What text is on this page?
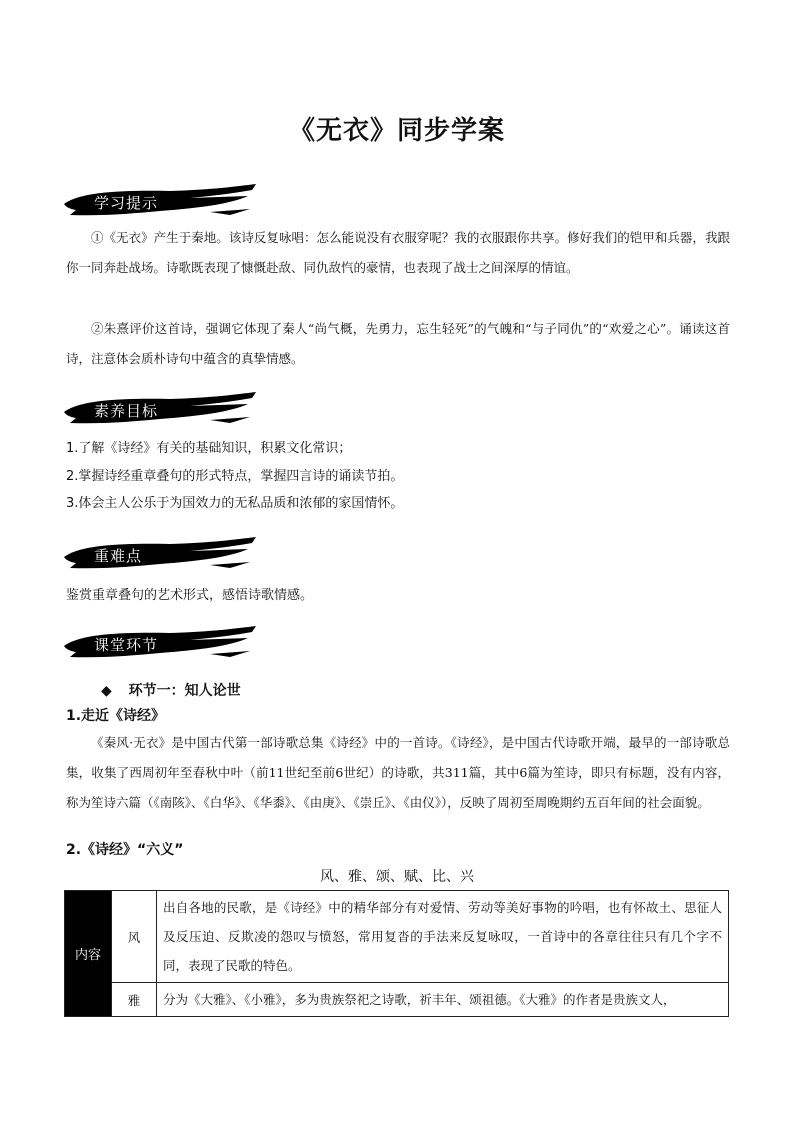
《无衣》同步学案
学习提示
①《无衣》产生于秦地。该诗反复咏唱：怎么能说没有衣服穿呢？我的衣服跟你共享。修好我们的铠甲和兵器，我跟你一同奔赴战场。诗歌既表现了慷慨赴敌、同仇敌忾的豪情，也表现了战士之间深厚的情谊。
②朱熹评价这首诗，强调它体现了秦人“尚气概，先勇力，忘生轻死”的气魄和“与子同仇”的“欢爱之心”。诵读这首诗，注意体会质朴诗句中蕴含的真挚情感。
素养目标
1.了解《诗经》有关的基础知识，积累文化常识；
2.掌握诗经重章叠句的形式特点，掌握四言诗的诵读节拍。
3.体会主人公乐于为国效力的无私品质和浓郁的家国情怀。
重难点
鉴赏重章叠句的艺术形式，感悟诗歌情感。
课堂环节
◆ 环节一：知人论世
1.走近《诗经》
《秦风·无衣》是中国古代第一部诗歌总集《诗经》中的一首诗。《诗经》，是中国古代诗歌开端，最早的一部诗歌总集，收集了西周初年至春秋中叶（前11世纪至前6世纪）的诗歌，共311篇，其中6篇为笙诗，即只有标题，没有内容，称为笙诗六篇（《南陔》、《白华》、《华黍》、《由庚》、《崇丘》、《由仪》），反映了周初至周晚期约五百年间的社会面貌。
2.《诗经》“六义”
风、雅、颂、赋、比、兴
内容	风	出自各地的民歌，是《诗经》中的精华部分有对爱情、劳动等美好事物的吟唱，也有怀故土、思征人及反压迫、反欺凌的怨叹与愤怒，常用复沓的手法来反复咏叹，一首诗中的各章往往只有几个字不同，表现了民歌的特色。
	雅	分为《大雅》、《小雅》，多为贵族祭祀之诗歌，祈丰年、颂祖德。《大雅》的作者是贵族文人，
